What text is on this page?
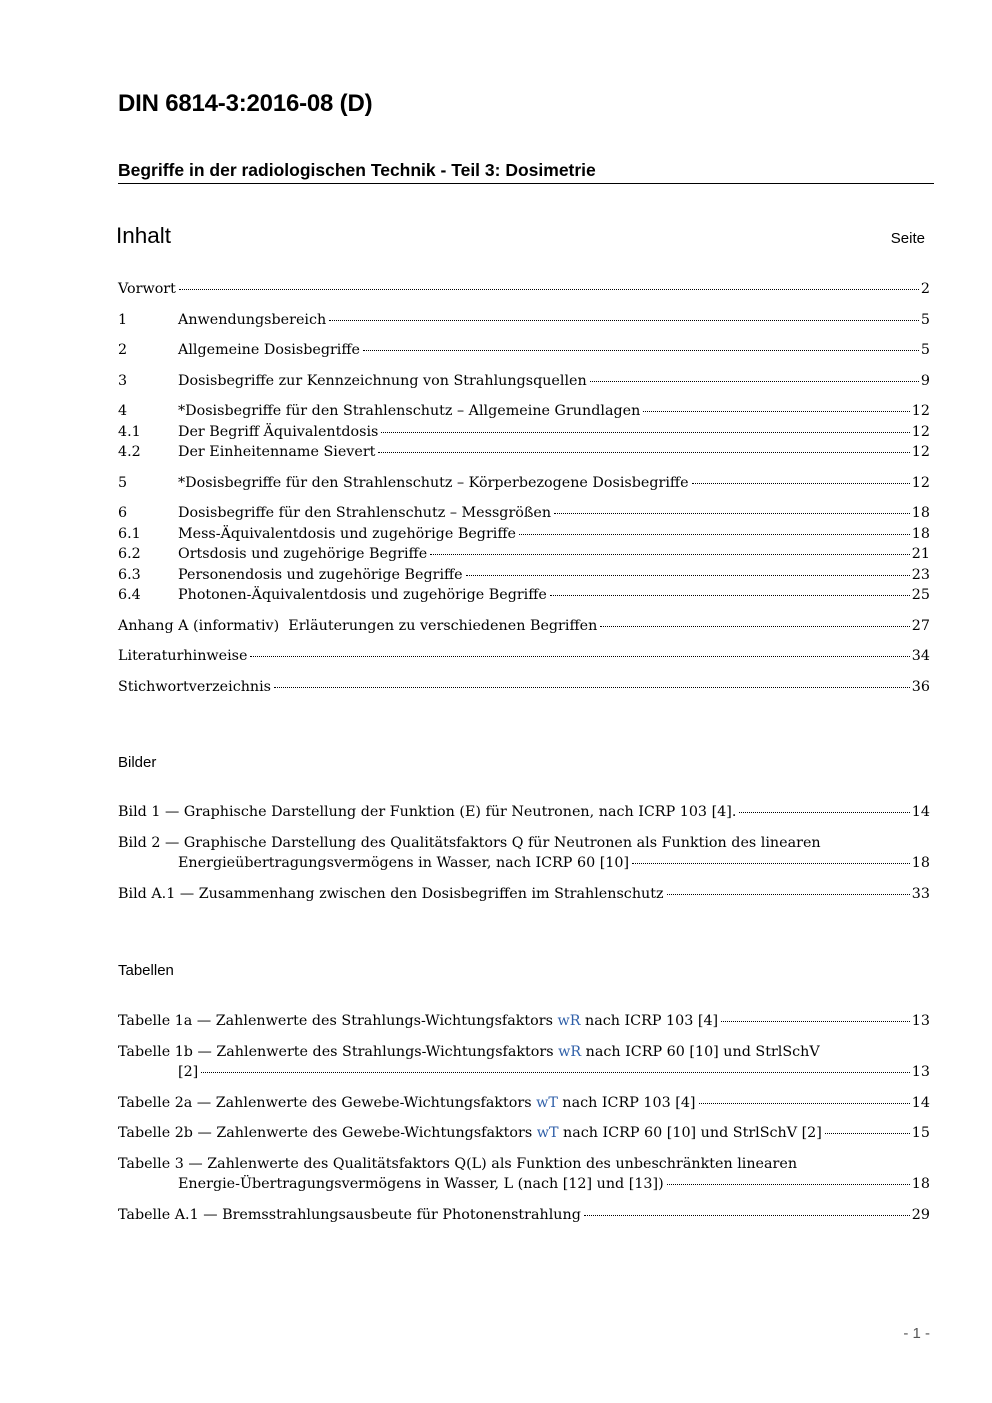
DIN 6814-3:2016-08 (D)
Begriffe in der radiologischen Technik - Teil 3: Dosimetrie
Inhalt	Seite
Vorwort	2
1	Anwendungsbereich	5
2	Allgemeine Dosisbegriffe	5
3	Dosisbegriffe zur Kennzeichnung von Strahlungsquellen	9
4	*Dosisbegriffe für den Strahlenschutz – Allgemeine Grundlagen	12
4.1	Der Begriff Äquivalentdosis	12
4.2	Der Einheitenname Sievert	12
5	*Dosisbegriffe für den Strahlenschutz – Körperbezogene Dosisbegriffe	12
6	Dosisbegriffe für den Strahlenschutz – Messgrößen	18
6.1	Mess-Äquivalentdosis und zugehörige Begriffe	18
6.2	Ortsdosis und zugehörige Begriffe	21
6.3	Personendosis und zugehörige Begriffe	23
6.4	Photonen-Äquivalentdosis und zugehörige Begriffe	25
Anhang A (informativ)  Erläuterungen zu verschiedenen Begriffen	27
Literaturhinweise	34
Stichwortverzeichnis	36
Bilder
Bild 1 — Graphische Darstellung der Funktion (E) für Neutronen, nach ICRP 103 [4].	14
Bild 2 — Graphische Darstellung des Qualitätsfaktors Q für Neutronen als Funktion des linearen
Energieübertragungsvermögens in Wasser, nach ICRP 60 [10]	18
Bild A.1 — Zusammenhang zwischen den Dosisbegriffen im Strahlenschutz	33
Tabellen
Tabelle 1a — Zahlenwerte des Strahlungs-Wichtungsfaktors wR nach ICRP 103 [4]	13
Tabelle 1b — Zahlenwerte des Strahlungs-Wichtungsfaktors wR nach ICRP 60 [10] und StrlSchV
[2]	13
Tabelle 2a — Zahlenwerte des Gewebe-Wichtungsfaktors wT nach ICRP 103 [4]	14
Tabelle 2b — Zahlenwerte des Gewebe-Wichtungsfaktors wT nach ICRP 60 [10] und StrlSchV [2]	15
Tabelle 3 — Zahlenwerte des Qualitätsfaktors Q(L) als Funktion des unbeschränkten linearen
Energie-Übertragungsvermögens in Wasser, L (nach [12] und [13])	18
Tabelle A.1 — Bremsstrahlungsausbeute für Photonenstrahlung	29
- 1 -
